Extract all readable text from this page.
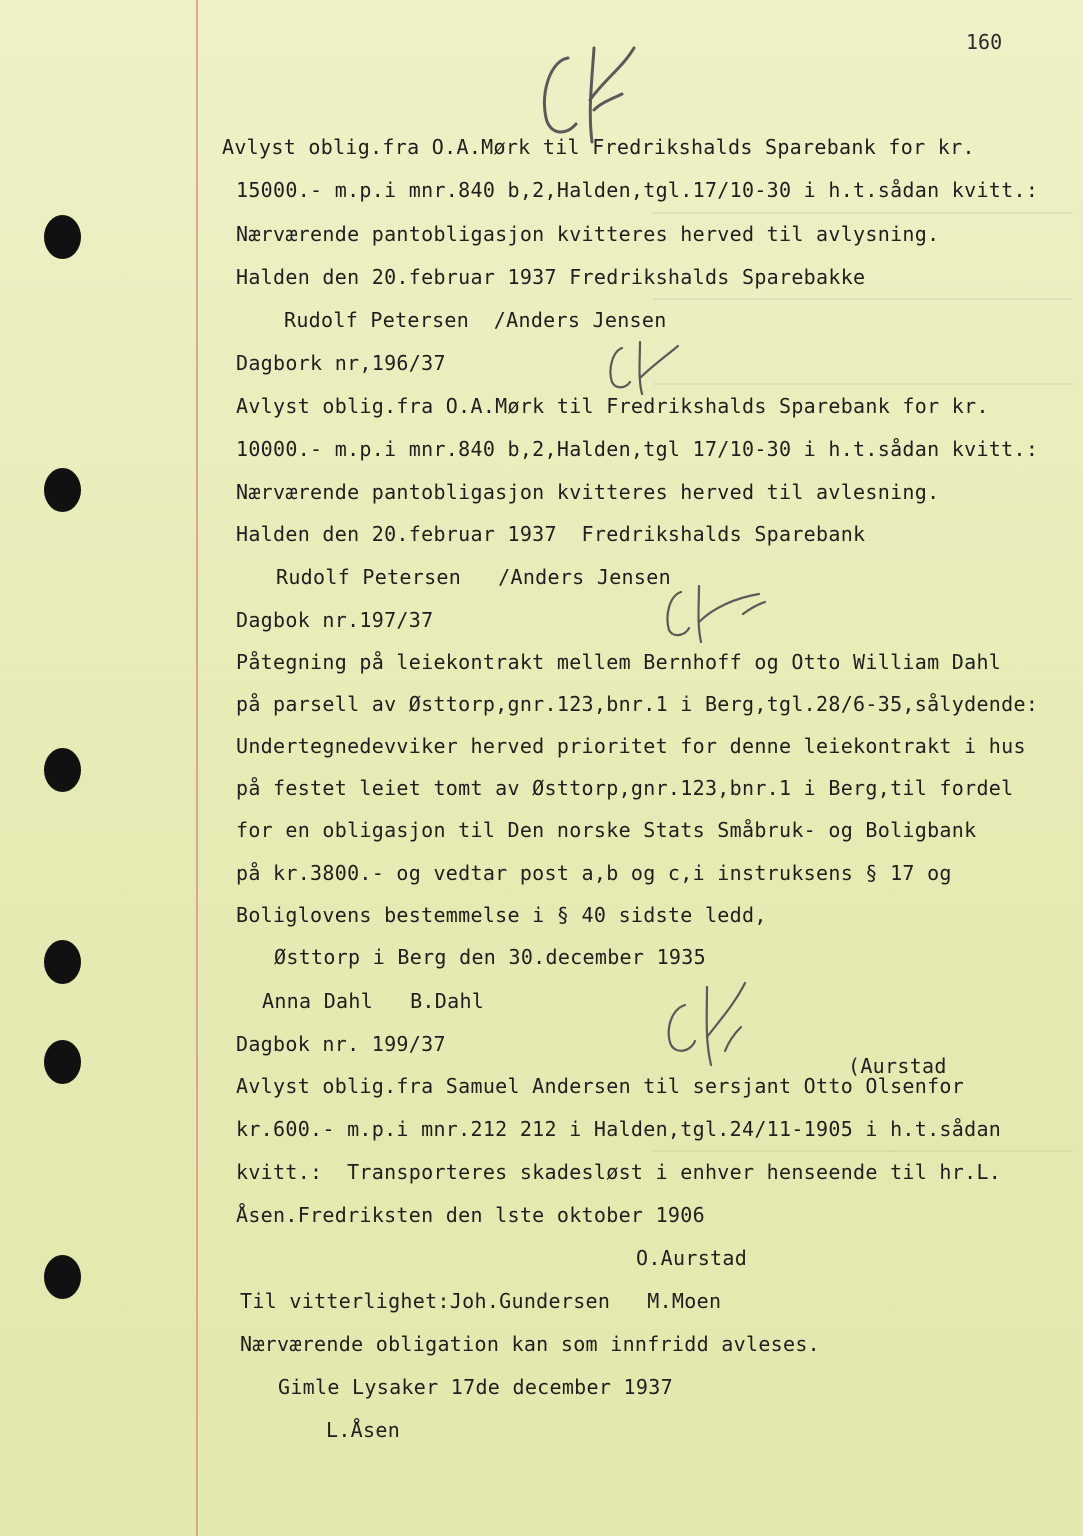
160
Avlyst oblig.fra O.A.Mørk til Fredrikshalds Sparebank for kr.
15000.- m.p.i mnr.840 b,2,Halden,tgl.17/10-30 i h.t.sådan kvitt.:
Nærværende pantobligasjon kvitteres herved til avlysning.
Halden den 20.februar 1937 Fredrikshalds Sparebakke
Rudolf Petersen  /Anders Jensen
Dagbork nr,196/37
Avlyst oblig.fra O.A.Mørk til Fredrikshalds Sparebank for kr.
10000.- m.p.i mnr.840 b,2,Halden,tgl 17/10-30 i h.t.sådan kvitt.:
Nærværende pantobligasjon kvitteres herved til avlesning.
Halden den 20.februar 1937  Fredrikshalds Sparebank
Rudolf Petersen   /Anders Jensen
Dagbok nr.197/37
Påtegning på leiekontrakt mellem Bernhoff og Otto William Dahl
på parsell av Østtorp,gnr.123,bnr.1 i Berg,tgl.28/6-35,sålydende:
Undertegnedevviker herved prioritet for denne leiekontrakt i hus
på festet leiet tomt av Østtorp,gnr.123,bnr.1 i Berg,til fordel
for en obligasjon til Den norske Stats Småbruk- og Boligbank
på kr.3800.- og vedtar post a,b og c,i instruksens § 17 og
Boliglovens bestemmelse i § 40 sidste ledd,
Østtorp i Berg den 30.december 1935
Anna Dahl   B.Dahl
Dagbok nr. 199/37
(Aurstad
Avlyst oblig.fra Samuel Andersen til sersjant Otto Olsenfor
kr.600.- m.p.i mnr.212 212 i Halden,tgl.24/11-1905 i h.t.sådan
kvitt.:  Transporteres skadesløst i enhver henseende til hr.L.
Åsen.Fredriksten den lste oktober 1906
O.Aurstad
Til vitterlighet:Joh.Gundersen   M.Moen
Nærværende obligation kan som innfridd avleses.
Gimle Lysaker 17de december 1937
L.Åsen
